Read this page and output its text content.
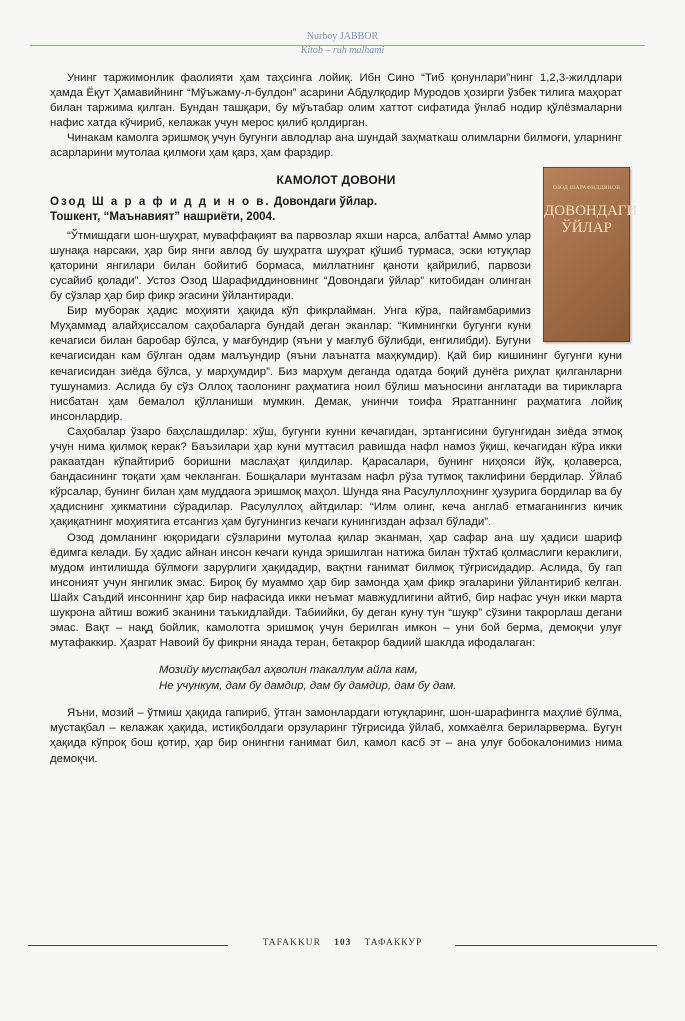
Nurboy JABBOR
Kitob – ruh malhami

Унинг таржимонлик фаолияти ҳам таҳсинга лойиқ. Ибн Сино “Тиб қонунлари”нинг 1,2,3-жилдлари ҳамда Ёқут Ҳамавийнинг “Мўъжаму-л-булдон” асарини Абдулқодир Муродов ҳозирги ўзбек тилига маҳорат билан таржима қилган. Бундан ташқари, бу мўътабар олим хаттот сифатида ўнлаб нодир қўлёзмаларни нафис хатда кўчириб, келажак учун мерос қилиб қолдирган.

Чинакам камолга эришмоқ учун бугунги авлодлар ана шундай заҳматкаш олимларни билмоғи, уларнинг асарларини мутолаа қилмоғи ҳам қарз, ҳам фарздир.

КАМОЛОТ ДОВОНИ
ОЗОД ШАРАФИДДИНОВ
ДОВОНДАГИ
ЎЙЛАР
Озод Ш а р а ф и д д и н о в. Довондаги ўйлар.
Тошкент, “Маънавият” нашриёти, 2004.

“Ўтмишдаги шон-шуҳрат, муваффақият ва парвозлар яхши нарса, албатта! Аммо улар шунақа нарсаки, ҳар бир янги авлод бу шуҳратга шуҳрат қўшиб турмаса, эски ютуқлар қаторини янгилари билан бойитиб бормаса, миллатнинг қанoти қайрилиб, парвози сусайиб қолади”. Устоз Озод Шарафиддиновнинг “Довондаги ўйлар” китобидан олинган бу сўзлар ҳар бир фикр эгасини ўйлантиради.

Бир муборак ҳадис моҳияти ҳақида кўп фикрлайман. Унга кўра, пайғамбаримиз Муҳаммад алайҳиссалом саҳобаларга бундай деган эканлар: “Кимнингки бугунги куни кечагиси билан баробар бўлса, у мағбундир (яъни у мағлуб бўлибди, енгилибди). Бугуни кечагисидан кам бўлган одам малъундир (яъни лаънатга маҳкумдир). Қай бир кишининг бугунги куни кечагисидан зиёда бўлса, у марҳумдир”. Биз марҳум деганда одатда боқий дунёга риҳлат қилганларни тушунамиз. Аслида бу сўз Оллоҳ таолонинг раҳматига ноил бўлиш маъносини англатади ва тирикларга нисбатан ҳам бемалол қўлланиши мумкин. Демак, унинчи тоифа Яратганнинг раҳматига лойиқ инсонлардир.

Саҳобалар ўзаро баҳслашдилар: хўш, бугунги кунни кечагидан, эртангисини бугунгидан зиёда этмоқ учун нима қилмоқ керак? Баъзилари ҳар куни муттасил равишда нафл намоз ўқиш, кечагидан кўра икки ракаатдан кўпайтириб боришни маслаҳат қилдилар. Қарасалари, бунинг ниҳояси йўқ, қолаверса, бандасининг тоқати ҳам чекланган. Бошқалари мунтазам нафл рўза тутмоқ таклифини бердилар. Ўйлаб кўрсалар, бунинг билан ҳам муддаога эришмоқ маҳол. Шунда яна Расулуллоҳнинг ҳузурига бордилар ва бу ҳадиснинг ҳикматини сўрадилар. Расулуллоҳ айтдилар: “Илм олинг, кеча англаб етмаганингиз кичик ҳақиқатнинг моҳиятига етсангиз ҳам бугунингиз кечаги кунингиздан афзал бўлади”.

Озод домланинг юқоридаги сўзларини мутолаа қилар эканман, ҳар сафар ана шу ҳадиси шариф ёдимга келади. Бу ҳадис айнан инсон кечаги кунда эришилган натижа билан тўхтаб қолмаслиги кераклиги, мудом интилишда бўлмоғи зарурлиги ҳақидадир, вақтни ғанимат билмоқ тўғрисидадир. Аслида, бу гап инсоният учун янгилик эмас. Бироқ бу муаммо ҳар бир замонда ҳам фикр эгаларини ўйлантириб келган. Шайх Саъдий инсоннинг ҳар бир нафасида икки неъмат мавжудлигини айтиб, бир нафас учун икки марта шукрона айтиш вожиб эканини таъкидлайди. Табиийки, бу деган куну тун “шукр” сўзини такрорлаш дегани эмас. Вақт – нақд бойлик, камолотга эришмоқ учун берилган имкон – уни бой берма, демоқчи улуғ мутафаккир. Ҳазрат Навоий бу фикрни янада теран, бетакрор бадиий шаклда ифодалаган:

Мозийу мустақбал аҳволин такаллум айла кам,
Не учункум, дам бу дамдир, дам бу дамдир, дам бу дам.

Яъни, мозий – ўтмиш ҳақида гапириб, ўтган замонлардаги ютуқларинг, шон-шарафингга маҳлиё бўлма, мустақбал – келажак ҳақида, истиқболдаги орзуларинг тўғрисида ўйлаб, хомхаёлга бериларверма. Бугун ҳақида кўпроқ бош қотир, ҳар бир онингни ғанимат бил, камол касб эт – ана улуғ бобокалонимиз нима демоқчи.

TAFAKKUR 103 ТАФАККУР
